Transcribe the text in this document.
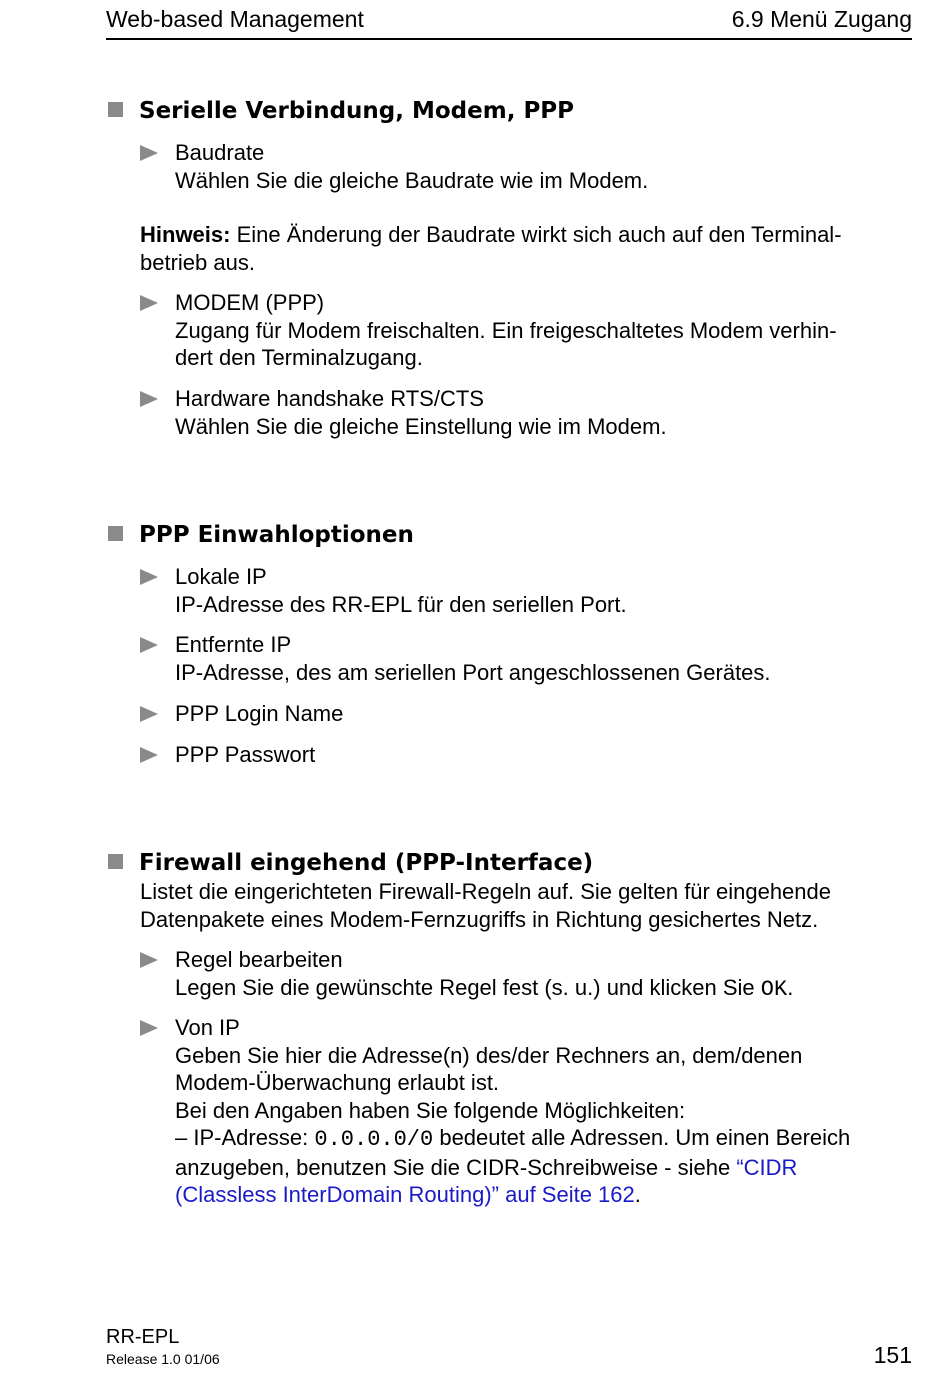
Web-based Management	6.9 Menü Zugang
Serielle Verbindung, Modem, PPP
Baudrate
Wählen Sie die gleiche Baudrate wie im Modem.
Hinweis: Eine Änderung der Baudrate wirkt sich auch auf den Terminal-
betrieb aus.
MODEM (PPP)
Zugang für Modem freischalten. Ein freigeschaltetes Modem verhin-
dert den Terminalzugang.
Hardware handshake RTS/CTS
Wählen Sie die gleiche Einstellung wie im Modem.
PPP Einwahloptionen
Lokale IP
IP-Adresse des RR-EPL für den seriellen Port.
Entfernte IP
IP-Adresse, des am seriellen Port angeschlossenen Gerätes.
PPP Login Name
PPP Passwort
Firewall eingehend (PPP-Interface)
Listet die eingerichteten Firewall-Regeln auf. Sie gelten für eingehende
Datenpakete eines Modem-Fernzugriffs in Richtung gesichertes Netz.
Regel bearbeiten
Legen Sie die gewünschte Regel fest (s. u.) und klicken Sie OK.
Von IP
Geben Sie hier die Adresse(n) des/der Rechners an, dem/denen
Modem-Überwachung erlaubt ist.
Bei den Angaben haben Sie folgende Möglichkeiten:
– IP-Adresse: 0.0.0.0/0 bedeutet alle Adressen. Um einen Bereich
anzugeben, benutzen Sie die CIDR-Schreibweise - siehe “CIDR
(Classless InterDomain Routing)” auf Seite 162.
RR-EPL
Release 1.0 01/06	151
